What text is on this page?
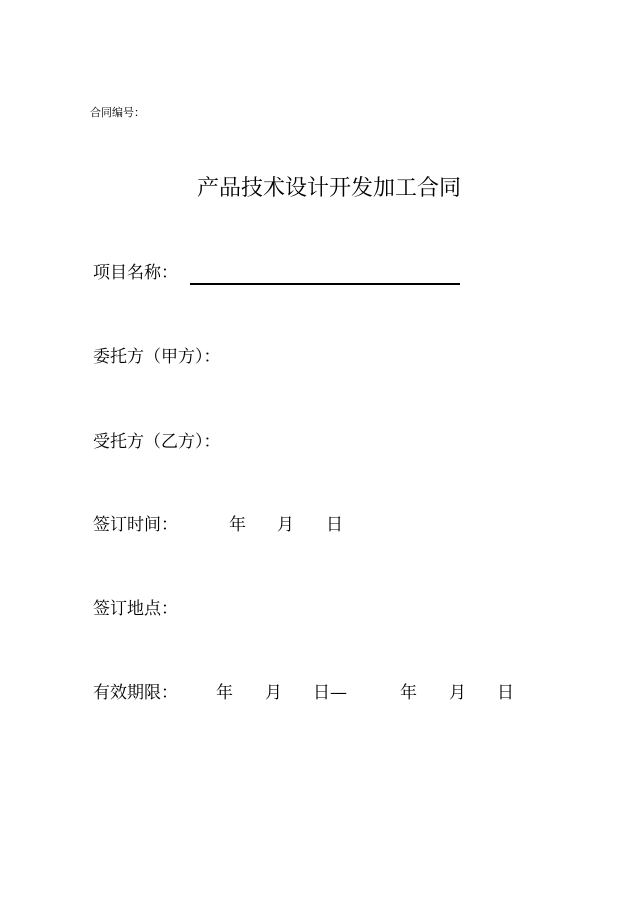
合同编号：
产品技术设计开发加工合同
项目名称：
委托方（甲方）：
受托方（乙方）：
签订时间：	年 月 日
签订地点：
有效期限： 年 月 日—	年 月 日
